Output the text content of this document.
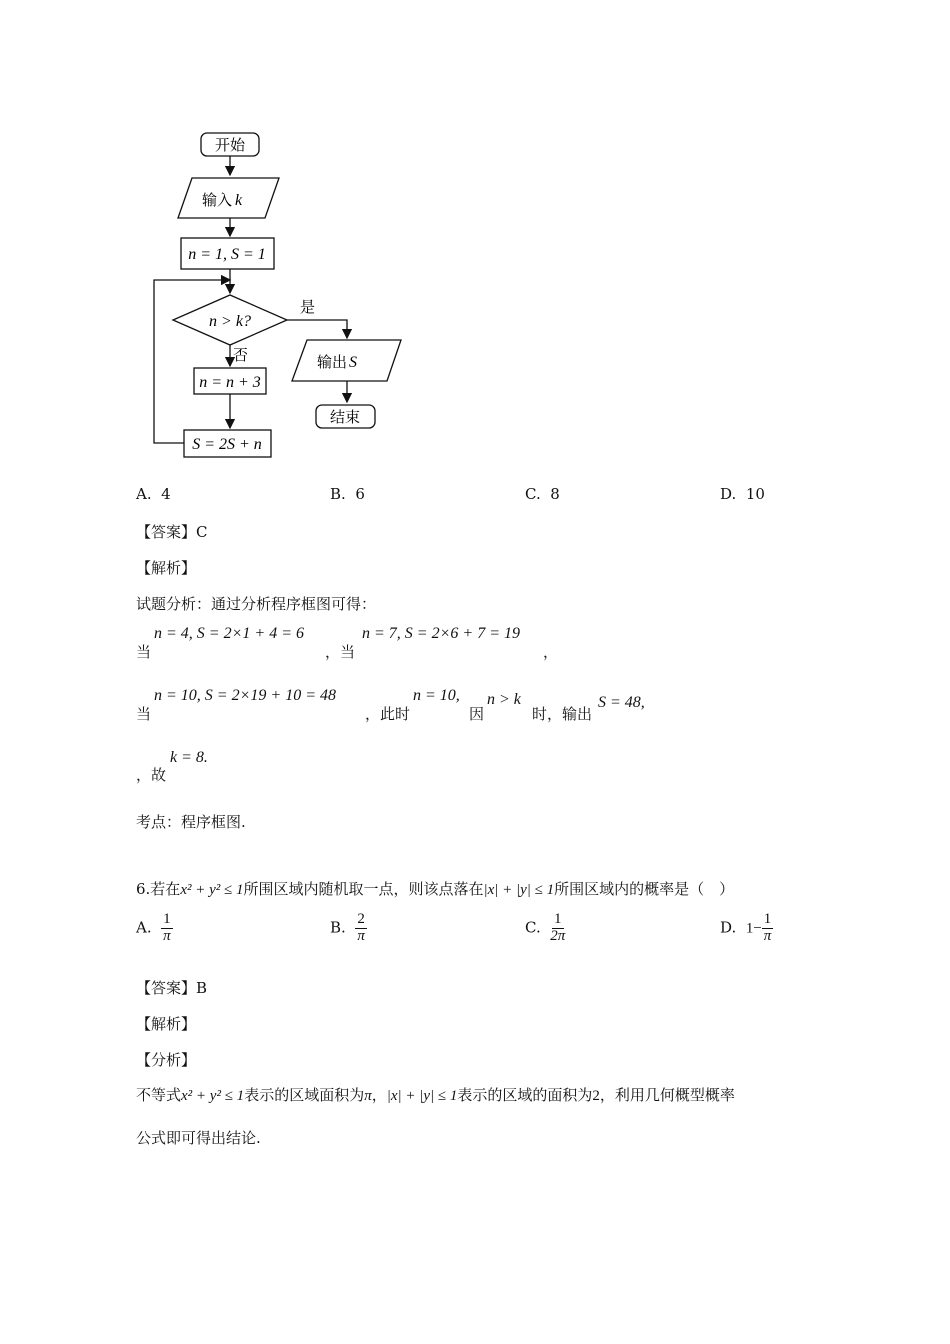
开始
输入 k
n = 1, S = 1
n > k?
是
否
n = n + 3
S = 2S + n
输出 S
结束
A. 4	B. 6	C. 8	D. 10
【答案】C
【解析】
试题分析：通过分析程序框图可得：
当
n = 4, S = 2×1 + 4 = 6
，当
n = 7, S = 2×6 + 7 = 19
，
当
n = 10, S = 2×19 + 10 = 48
，此时
n = 10,
因
n > k
时，输出
S = 48,
，故
k = 8.
考点：程序框图.
6.若在x² + y² ≤ 1所围区域内随机取一点，则该点落在|x| + |y| ≤ 1所围区域内的概率是（　）
A. $\frac{1}{\pi}$	B. $\frac{2}{\pi}$	C. $\frac{1}{2\pi}$	D. $1- \frac{1}{\pi}$
【答案】B
【解析】
【分析】
不等式x² + y² ≤ 1表示的区域面积为π，|x| + |y| ≤ 1表示的区域的面积为2，利用几何概型概率
公式即可得出结论.
